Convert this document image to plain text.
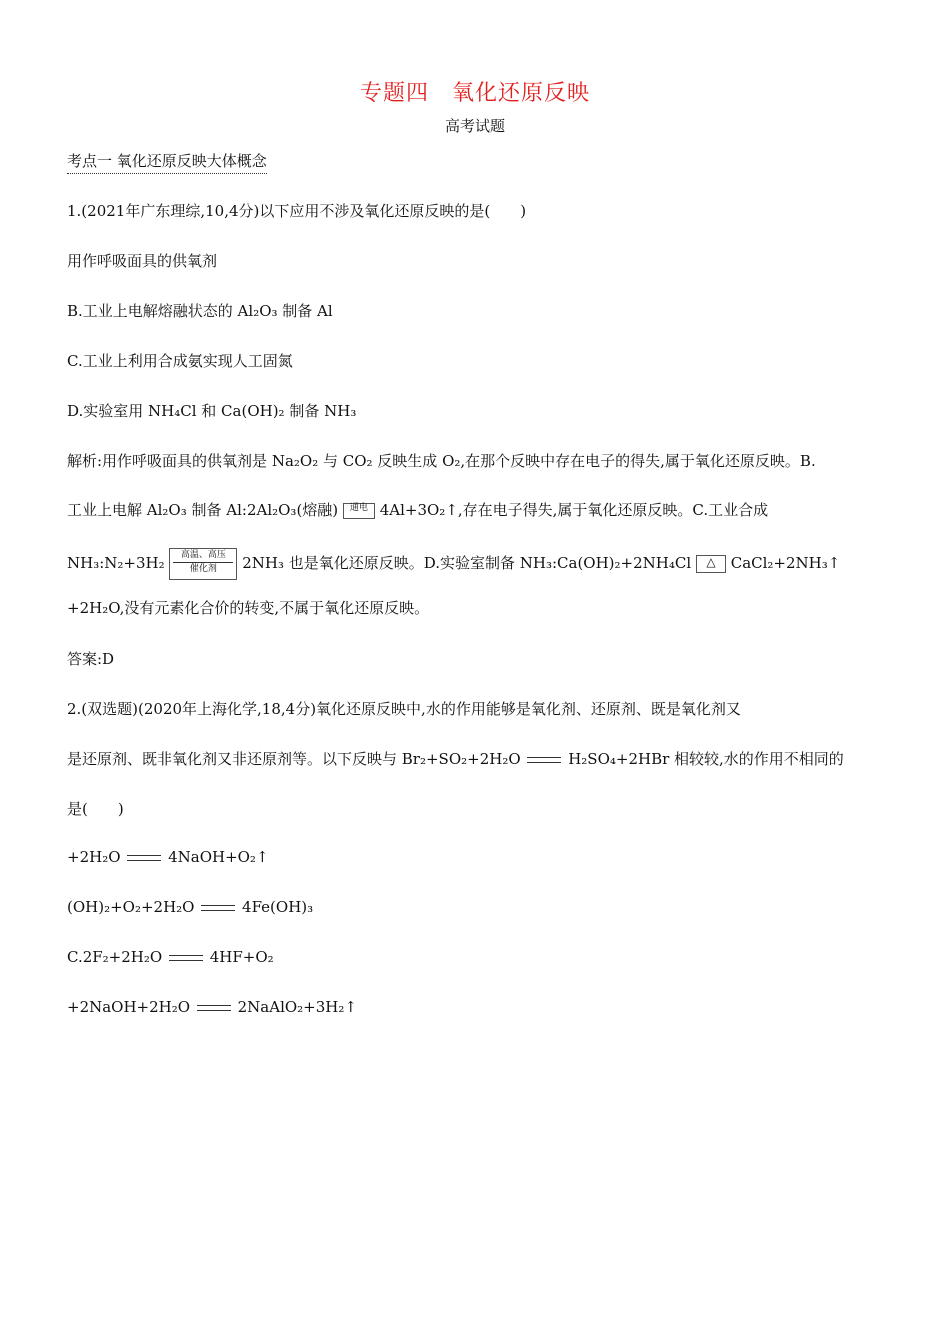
专题四　氧化还原反映
高考试题
考点一 氧化还原反映大体概念
1.(2021年广东理综,10,4分)以下应用不涉及氧化还原反映的是(　　)
用作呼吸面具的供氧剂
B.工业上电解熔融状态的 Al₂O₃ 制备 Al
C.工业上利用合成氨实现人工固氮
D.实验室用 NH₄Cl 和 Ca(OH)₂ 制备 NH₃
解析:用作呼吸面具的供氧剂是 Na₂O₂ 与 CO₂ 反映生成 O₂,在那个反映中存在电子的得失,属于氧化还原反映。B.
工业上电解 Al₂O₃ 制备 Al:2Al₂O₃(熔融) 通电 4Al+3O₂↑,存在电子得失,属于氧化还原反映。C.工业合成
NH₃:N₂+3H₂	高温、高压
催化剂	2NH₃ 也是氧化还原反映。D.实验室制备 NH₃:Ca(OH)₂+2NH₄Cl △ CaCl₂+2NH₃↑
+2H₂O,没有元素化合价的转变,不属于氧化还原反映。
答案:D
2.(双选题)(2020年上海化学,18,4分)氧化还原反映中,水的作用能够是氧化剂、还原剂、既是氧化剂又
是还原剂、既非氧化剂又非还原剂等。以下反映与 Br₂+SO₂+2H₂O	H₂SO₄+2HBr 相较较,水的作用不相同的
是(　　)
+2H₂O	4NaOH+O₂↑
(OH)₂+O₂+2H₂O	4Fe(OH)₃
C.2F₂+2H₂O	4HF+O₂
+2NaOH+2H₂O	2NaAlO₂+3H₂↑
